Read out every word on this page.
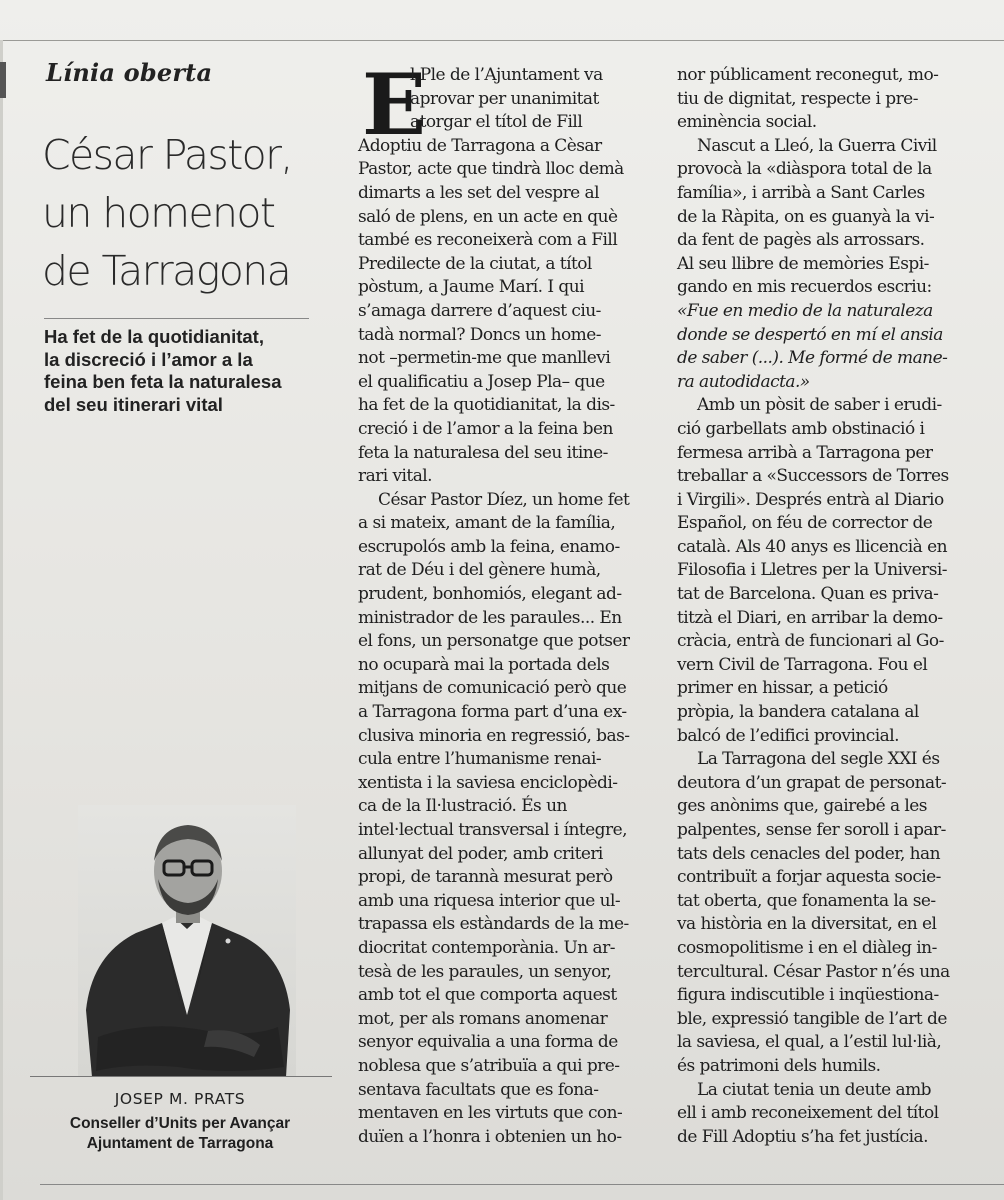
Línia oberta
César Pastor,
un homenot
de Tarragona
Ha fet de la quotidianitat,
la discreció i l’amor a la
feina ben feta la naturalesa
del seu itinerari vital
E
l Ple de l’Ajuntament va
aprovar per unanimitat
atorgar el títol de Fill
Adoptiu de Tarragona a Cèsar
Pastor, acte que tindrà lloc demà
dimarts a les set del vespre al
saló de plens, en un acte en què
també es reconeixerà com a Fill
Predilecte de la ciutat, a títol
pòstum, a Jaume Marí. I qui
s’amaga darrere d’aquest ciu-
tadà normal? Doncs un home-
not –permetin-me que manllevi
el qualificatiu a Josep Pla– que
ha fet de la quotidianitat, la dis-
creció i de l’amor a la feina ben
feta la naturalesa del seu itine-
rari vital.
César Pastor Díez, un home fet
a si mateix, amant de la família,
escrupolós amb la feina, enamo-
rat de Déu i del gènere humà,
prudent, bonhomiós, elegant ad-
ministrador de les paraules... En
el fons, un personatge que potser
no ocuparà mai la portada dels
mitjans de comunicació però que
a Tarragona forma part d’una ex-
clusiva minoria en regressió, bas-
cula entre l’humanisme renai-
xentista i la saviesa enciclopèdi-
ca de la Il·lustració. És un
intel·lectual transversal i íntegre,
allunyat del poder, amb criteri
propi, de tarannà mesurat però
amb una riquesa interior que ul-
trapassa els estàndards de la me-
diocritat contemporània. Un ar-
tesà de les paraules, un senyor,
amb tot el que comporta aquest
mot, per als romans anomenar
senyor equivalia a una forma de
noblesa que s’atribuïa a qui pre-
sentava facultats que es fona-
mentaven en les virtuts que con-
duïen a l’honra i obtenien un ho-
nor públicament reconegut, mo-
tiu de dignitat, respecte i pre-
eminència social.
Nascut a Lleó, la Guerra Civil
provocà la «diàspora total de la
família», i arribà a Sant Carles
de la Ràpita, on es guanyà la vi-
da fent de pagès als arrossars.
Al seu llibre de memòries Espi-
gando en mis recuerdos escriu:
«Fue en medio de la naturaleza
donde se despertó en mí el ansia
de saber (...). Me formé de mane-
ra autodidacta.»
Amb un pòsit de saber i erudi-
ció garbellats amb obstinació i
fermesa arribà a Tarragona per
treballar a «Successors de Torres
i Virgili». Després entrà al Diario
Español, on féu de corrector de
català. Als 40 anys es llicencià en
Filosofia i Lletres per la Universi-
tat de Barcelona. Quan es priva-
titzà el Diari, en arribar la demo-
cràcia, entrà de funcionari al Go-
vern Civil de Tarragona. Fou el
primer en hissar, a petició
pròpia, la bandera catalana al
balcó de l’edifici provincial.
La Tarragona del segle XXI és
deutora d’un grapat de personat-
ges anònims que, gairebé a les
palpentes, sense fer soroll i apar-
tats dels cenacles del poder, han
contribuït a forjar aquesta socie-
tat oberta, que fonamenta la se-
va història en la diversitat, en el
cosmopolitisme i en el diàleg in-
tercultural. César Pastor n’és una
figura indiscutible i inqüestiona-
ble, expressió tangible de l’art de
la saviesa, el qual, a l’estil lul·lià,
és patrimoni dels humils.
La ciutat tenia un deute amb
ell i amb reconeixement del títol
de Fill Adoptiu s’ha fet justícia.
JOSEP M. PRATS
Conseller d’Units per Avançar
Ajuntament de Tarragona
